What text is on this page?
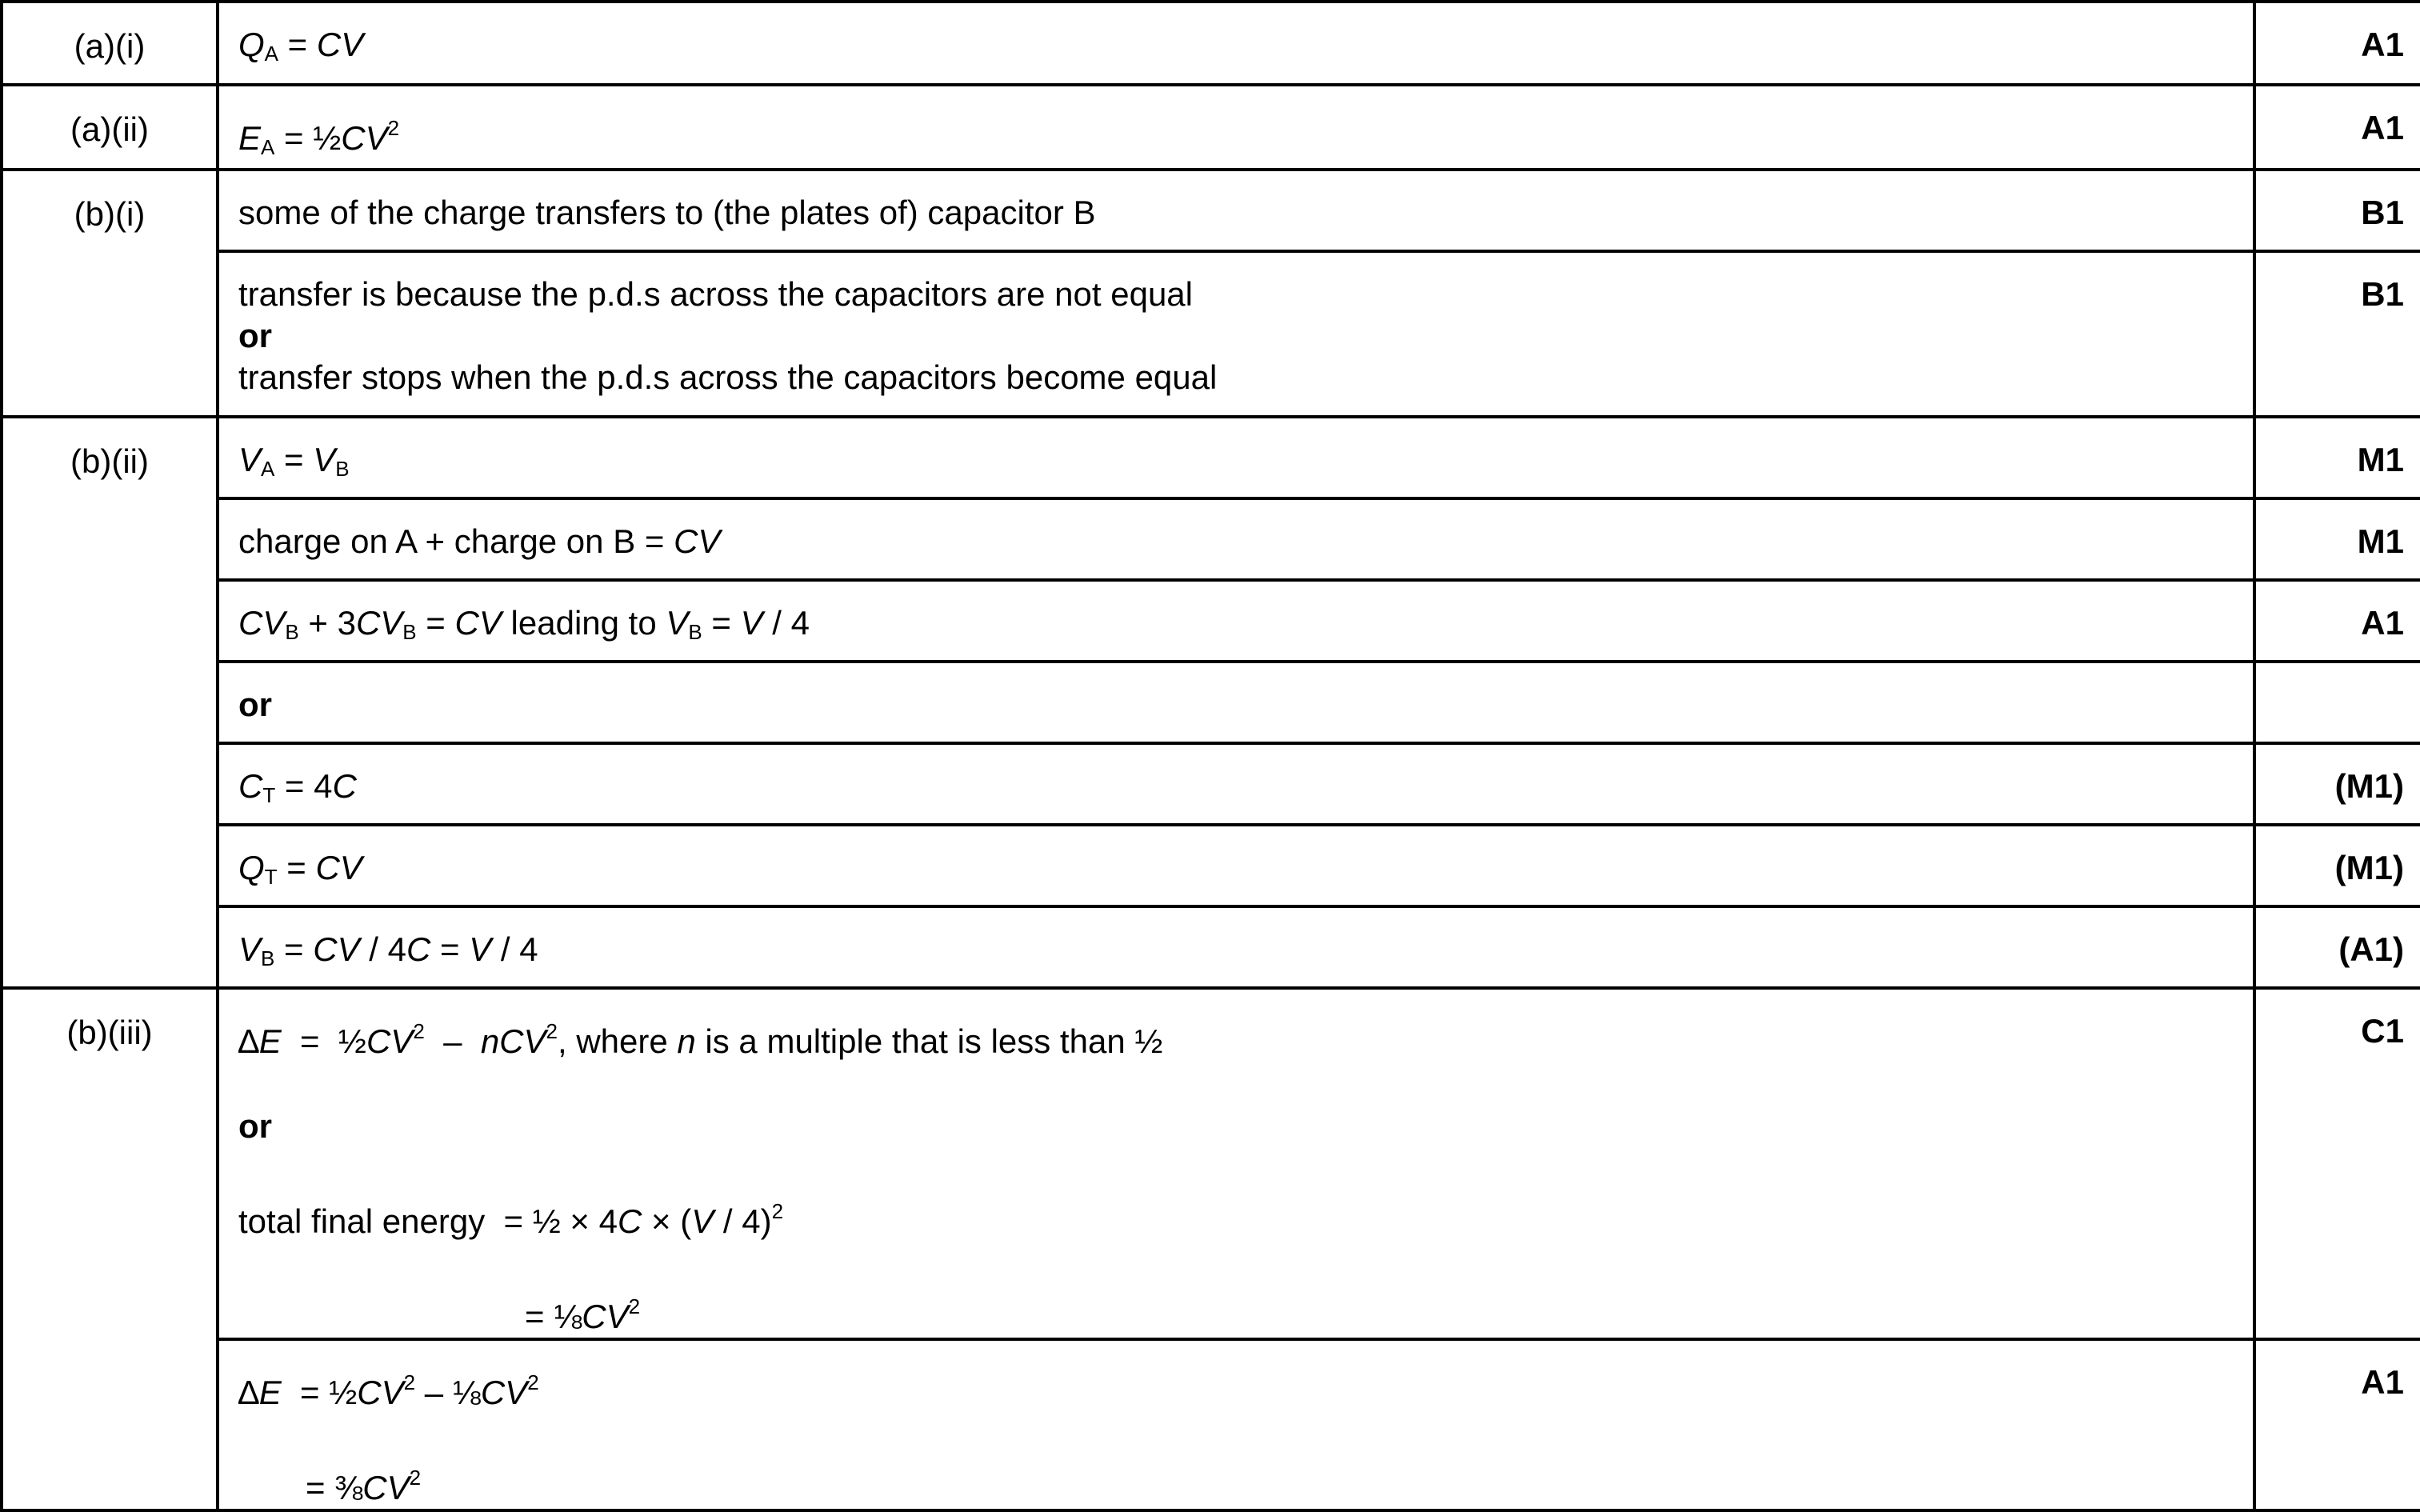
(a)(i)	$Q_A$ = CV	A1
(a)(ii)	$E_A$ = $\frac{1}{2}CV^2$	A1
(b)(i)	some of the charge transfers to (the plates of) capacitor B	B1

	transfer is because the p.d.s across the capacitors are not equal
or
transfer stops when the p.d.s across the capacitors become equal	B1
(b)(ii)	$V_A = V_B$	M1
	charge on A + charge on B = CV	M1
	$CV_B + 3CV_B$ = CV leading to $V_B = V / 4$	A1
	or	
	$C_T = 4C$	(M1)
	$Q_T$ = CV	(M1)
	$V_B$ = CV / 4C = V / 4	(A1)
(b)(iii)	$\Delta E = \frac{1}{2}CV^2 - nCV^2$, where n is a multiple that is less than ½
or
total final energy  = ½ × 4C × (V / 4)$^2$
= $\frac{1}{8}CV^2$	C1

	$\Delta E = \frac{1}{2}CV^2$ – $\frac{1}{8}CV^2$
= $\frac{3}{8}CV^2$	A1
